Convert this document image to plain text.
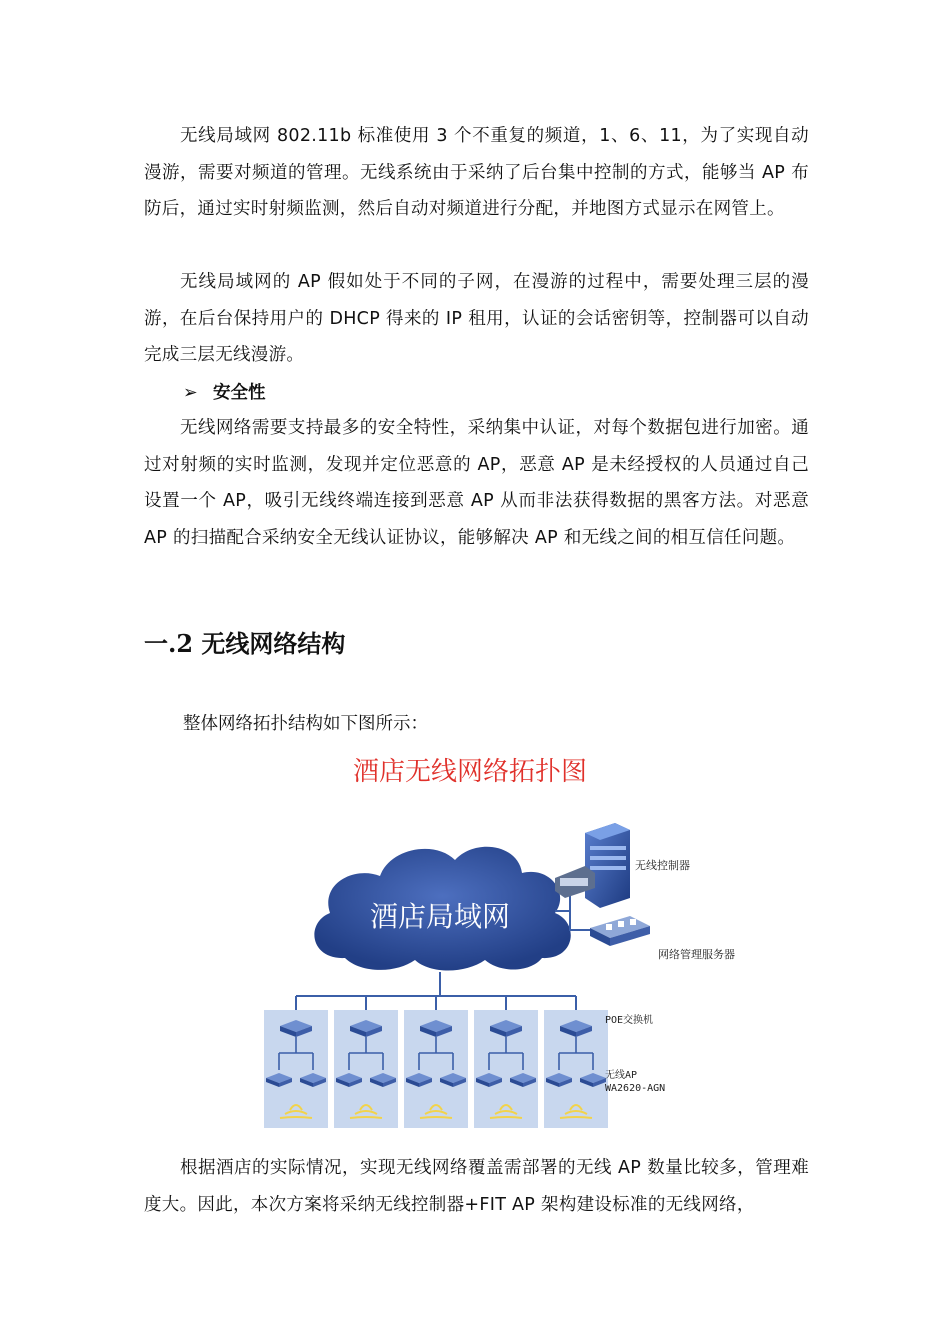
无线局域网 802.11b 标准使用 3 个不重复的频道，1、6、11，为了实现自动漫游，需要对频道的管理。无线系统由于采纳了后台集中控制的方式，能够当 AP 布防后，通过实时射频监测，然后自动对频道进行分配，并地图方式显示在网管上。
无线局域网的 AP 假如处于不同的子网，在漫游的过程中，需要处理三层的漫游，在后台保持用户的 DHCP 得来的 IP 租用，认证的会话密钥等，控制器可以自动完成三层无线漫游。
➢ 安全性
无线网络需要支持最多的安全特性，采纳集中认证，对每个数据包进行加密。通过对射频的实时监测，发现并定位恶意的 AP，恶意 AP 是未经授权的人员通过自己设置一个 AP，吸引无线终端连接到恶意 AP 从而非法获得数据的黑客方法。对恶意 AP 的扫描配合采纳安全无线认证协议，能够解决 AP 和无线之间的相互信任问题。
一.2 无线网络结构
整体网络拓扑结构如下图所示：
酒店无线网络拓扑图
酒店局域网
无线控制器
网络管理服务器
POE交换机
无线AP
WA2620-AGN
根据酒店的实际情况，实现无线网络覆盖需部署的无线 AP 数量比较多，管理难度大。因此，本次方案将采纳无线控制器+FIT AP 架构建设标准的无线网络，
